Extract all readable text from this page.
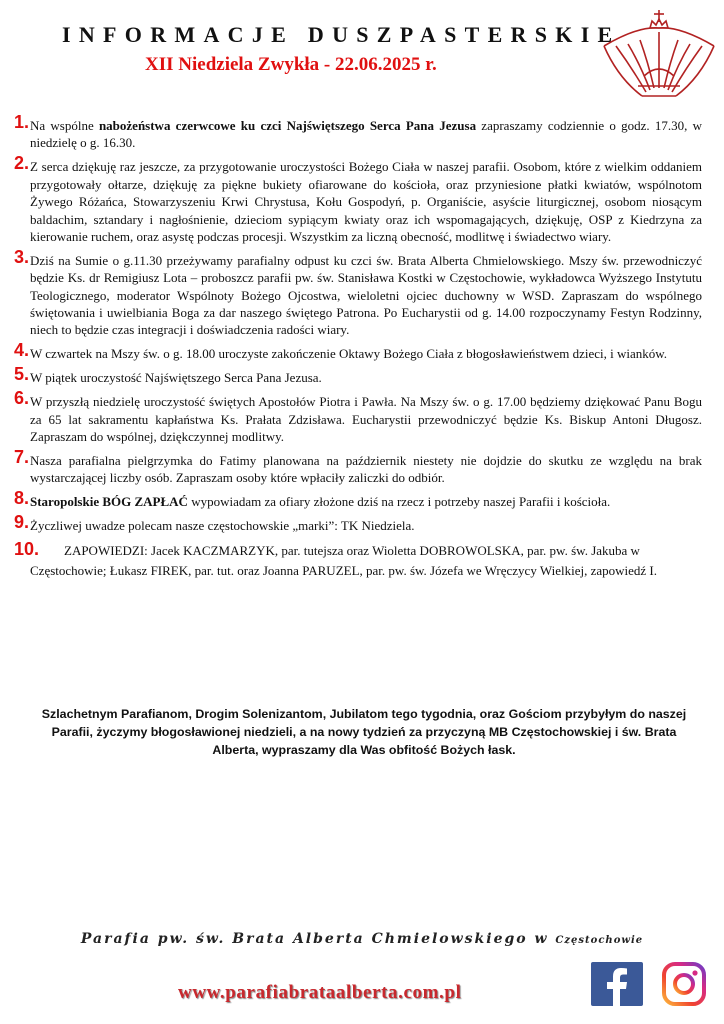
INFORMACJE DUSZPASTERSKIE
XII Niedziela Zwykła - 22.06.2025 r.
1. Na wspólne nabożeństwa czerwcowe ku czci Najświętszego Serca Pana Jezusa zapraszamy codziennie o godz. 17.30, w niedzielę o g. 16.30.
2. Z serca dziękuję raz jeszcze, za przygotowanie uroczystości Bożego Ciała w naszej parafii. Osobom, które z wielkim oddaniem przygotowały ołtarze, dziękuję za piękne bukiety ofiarowane do kościoła, oraz przyniesione płatki kwiatów, wspólnotom Żywego Różańca, Stowarzyszeniu Krwi Chrystusa, Kołu Gospodyń, p. Organiście, asyście liturgicznej, osobom niosącym baldachim, sztandary i nagłośnienie, dzieciom sypiącym kwiaty oraz ich wspomagających, dziękuję, OSP z Kiedrzyna za kierowanie ruchem, oraz asystę podczas procesji. Wszystkim za liczną obecność, modlitwę i świadectwo wiary.
3. Dziś na Sumie o g.11.30 przeżywamy parafialny odpust ku czci św. Brata Alberta Chmielowskiego. Mszy św. przewodniczyć będzie Ks. dr Remigiusz Lota – proboszcz parafii pw. św. Stanisława Kostki w Częstochowie, wykładowca Wyższego Instytutu Teologicznego, moderator Wspólnoty Bożego Ojcostwa, wieloletni ojciec duchowny w WSD. Zapraszam do wspólnego świętowania i uwielbiania Boga za dar naszego świętego Patrona. Po Eucharystii od g. 14.00 rozpoczynamy Festyn Rodzinny, niech to będzie czas integracji i doświadczenia radości wiary.
4. W czwartek na Mszy św. o g. 18.00 uroczyste zakończenie Oktawy Bożego Ciała z błogosławieństwem dzieci, i wianków.
5. W piątek uroczystość Najświętszego Serca Pana Jezusa.
6. W przyszłą niedzielę uroczystość świętych Apostołów Piotra i Pawła. Na Mszy św. o g. 17.00 będziemy dziękować Panu Bogu za 65 lat sakramentu kapłaństwa Ks. Prałata Zdzisława. Eucharystii przewodniczyć będzie Ks. Biskup Antoni Długosz. Zapraszam do wspólnej, dziękczynnej modlitwy.
7. Nasza parafialna pielgrzymka do Fatimy planowana na październik niestety nie dojdzie do skutku ze względu na brak wystarczającej liczby osób. Zapraszam osoby które wpłaciły zaliczki do odbiór.
8. Staropolskie BÓG ZAPŁAĆ wypowiadam za ofiary złożone dziś na rzecz i potrzeby naszej Parafii i kościoła.
9. Życzliwej uwadze polecam nasze częstochowskie „marki”: TK Niedziela.
10.	ZAPOWIEDZI: Jacek KACZMARZYK, par. tutejsza oraz Wioletta DOBROWOLSKA, par. pw. św. Jakuba w Częstochowie; Łukasz FIREK, par. tut. oraz Joanna PARUZEL, par. pw. św. Józefa we Wręczycy Wielkiej, zapowiedź I.
Szlachetnym Parafianom, Drogim Solenizantom, Jubilatom tego tygodnia, oraz Gościom przybyłym do naszej Parafii, życzymy błogosławionej niedzieli, a na nowy tydzień za przyczyną MB Częstochowskiej i św. Brata Alberta, wypraszamy dla Was obfitość Bożych łask.
Parafia pw. św. Brata Alberta Chmielowskiego w Częstochowie
www.parafiabrataalberta.com.pl
